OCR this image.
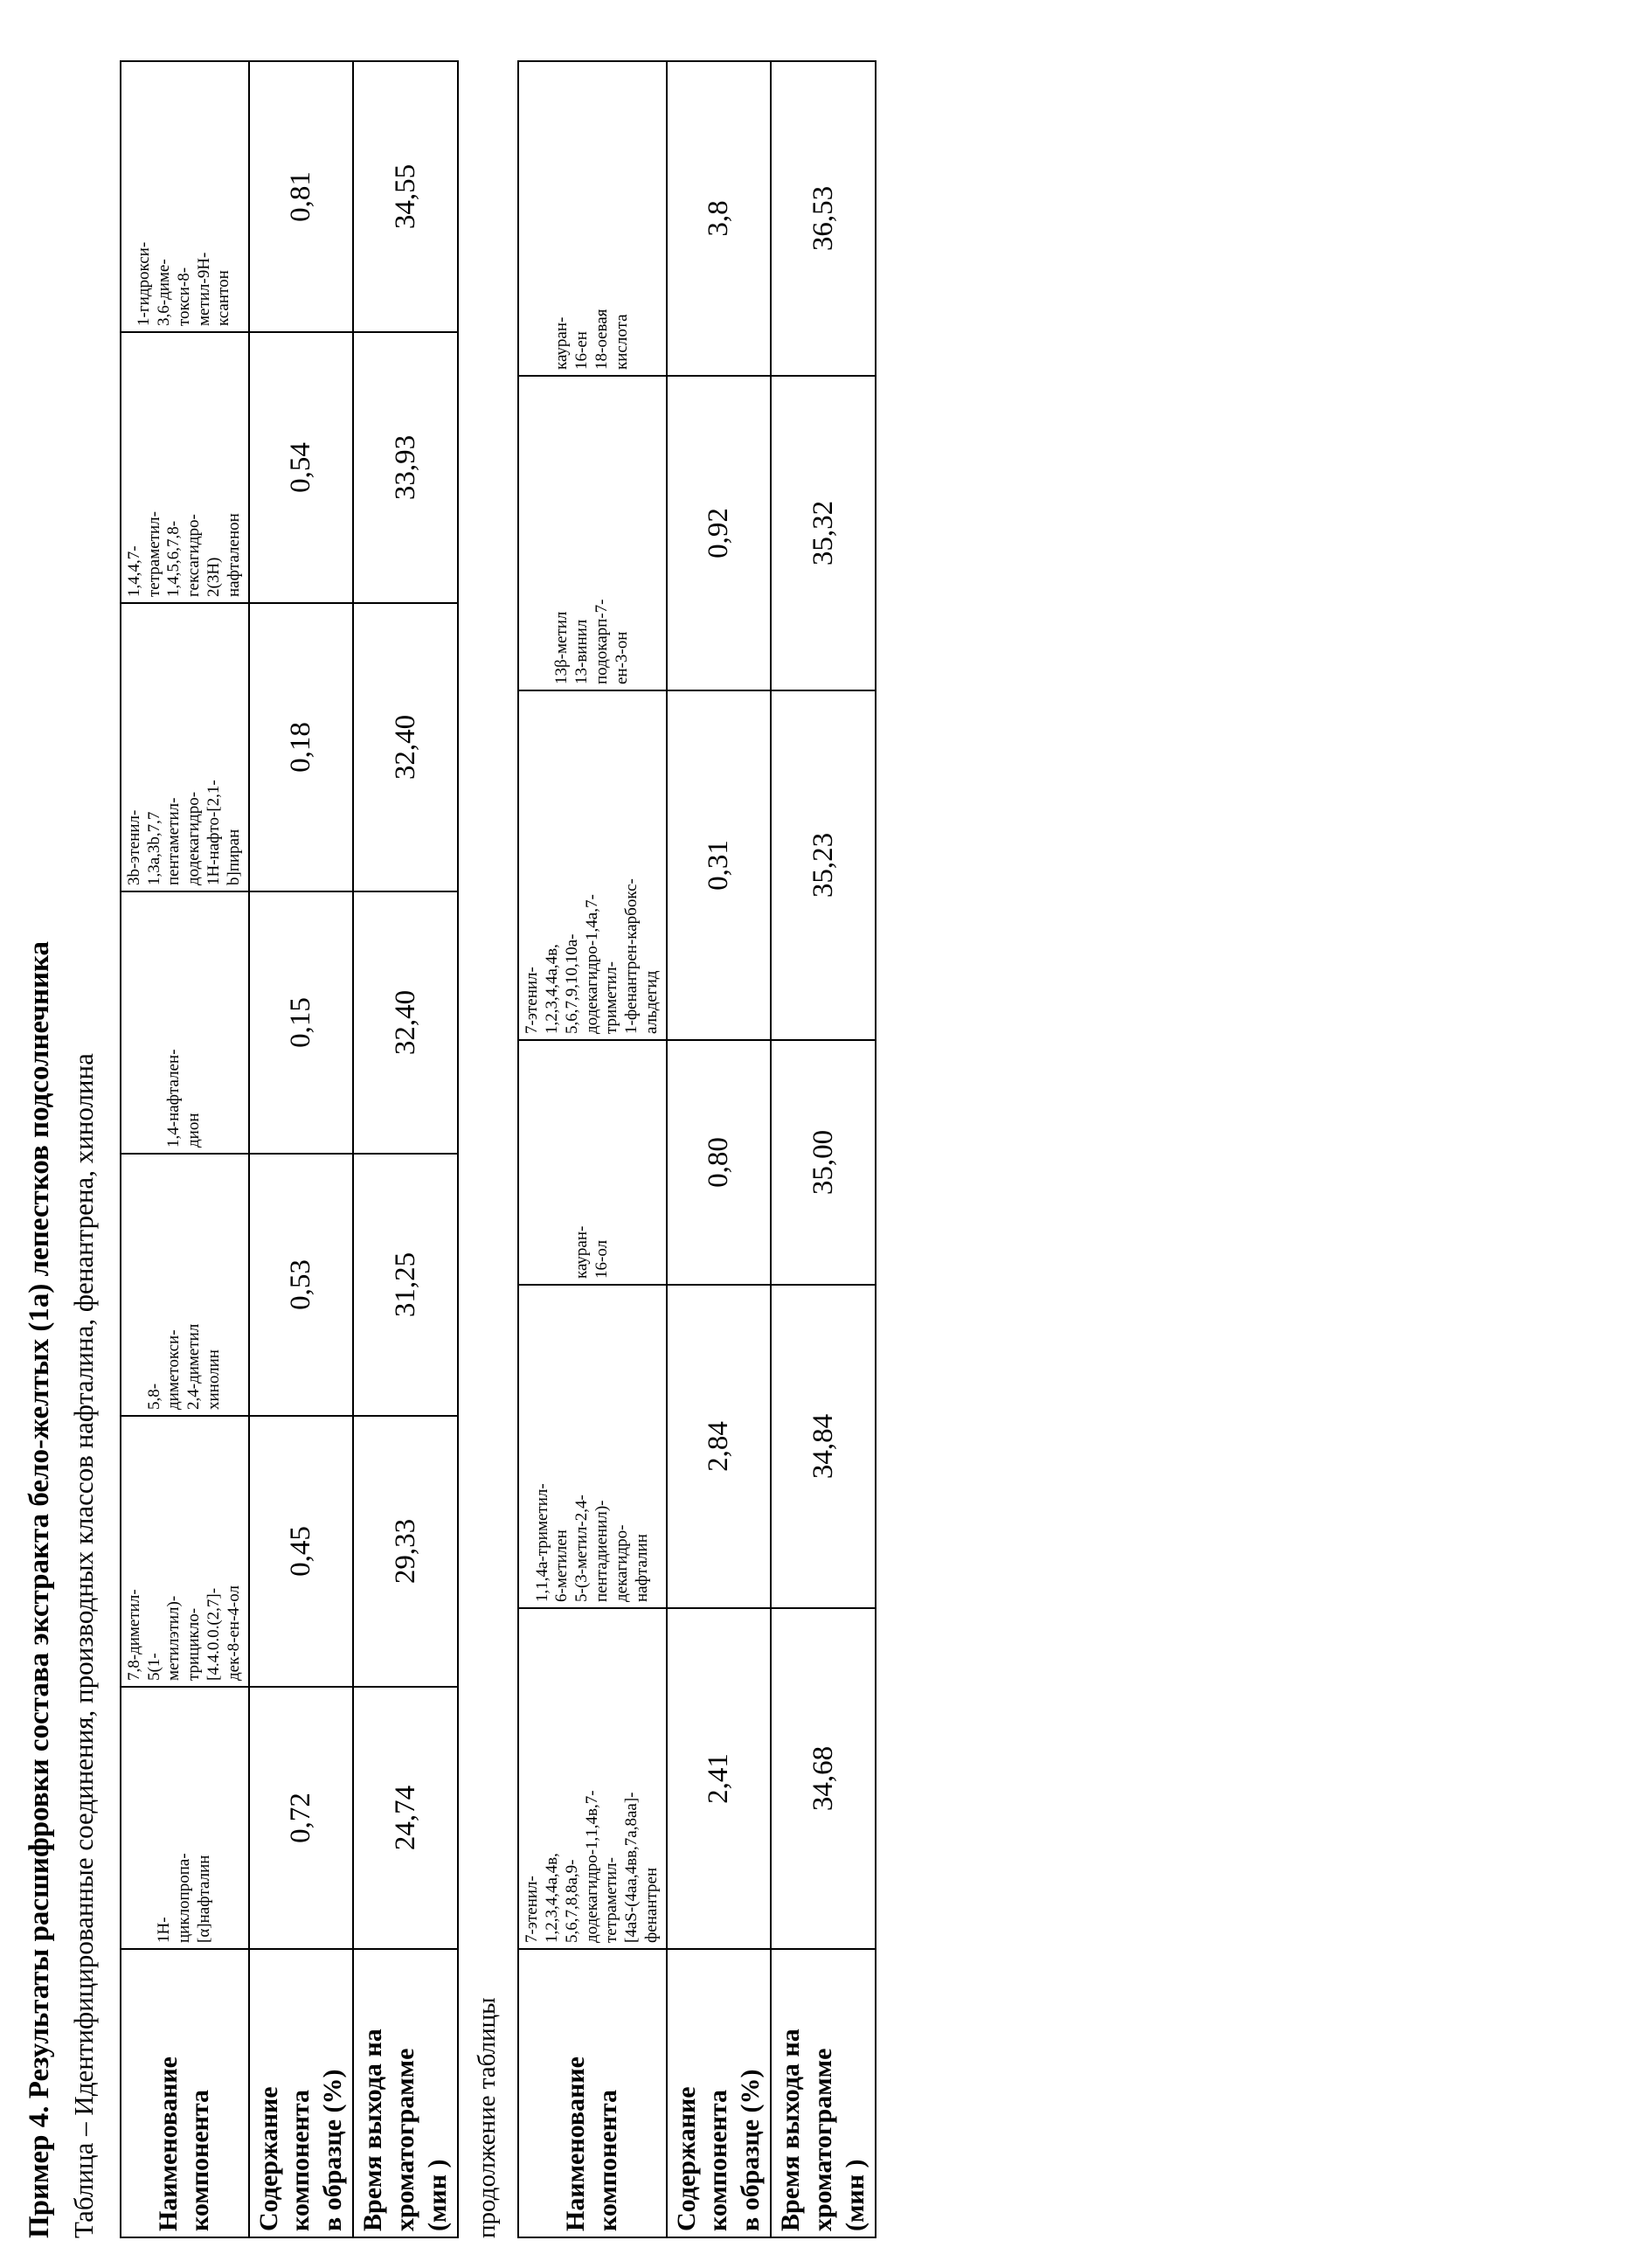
Пример 4. Результаты расшифровки состава экстракта бело-желтых (1а) лепестков подсолнечника Таблица – Идентифицированные соединения, производных классов нафталина, фенантрена, хинолина Наименование компонента	1Н-
циклопропа-
[α]нафталин	7,8-диметил-
5(1-
метилэтил)-
трицикло-
[4.4.0.0.(2,7]-
дек-8-ен-4-ол	5,8-
диметокси-
2,4-диметил
хинолин	1,4-нафтален-
дион	3b-этенил-
1,3a,3b,7,7
пентаметил-
додекагидро-
1H-нафто-[2,1-
b]пиран	1,4,4,7-
тетраметил-
1,4,5,6,7,8-
гексагидро-
2(3H)
нафталенон	1-гидрокси-
3,6-диме-
токси-8-
метил-9Н-
ксантон
Содержание компонента в образце (%)	0,72	0,45	0,53	0,15	0,18	0,54	0,81
Время выхода на хроматограмме (мин )	24,74	29,33	31,25	32,40	32,40	33,93	34,55
продолжение таблицы Наименование компонента	7-этенил-
1,2,3,4,4a,4в,
5,6,7,8,8а,9-
додекагидро-1,1,4в,7-
тетраметил-
[4aS-(4аа,4вв,7а,8аа]-
фенантрен	1,1,4а-триметил-
6-метилен
5-(3-метил-2,4-
пентадиенил)-
декагидро-
нафталин	кауран-
16-ол	7-этенил-
1,2,3,4,4a,4в,
5,6,7,9,10,10а-
додекагидро-1,4а,7-
триметил-
1-фенантрен-карбокс-
альдегид	13β-метил
13-винил
подокарп-7-
ен-3-он	кауран-
16-ен
18-оевая
кислота
Содержание компонента в образце (%)	2,41	2,84	0,80	0,31	0,92	3,8
Время выхода на хроматограмме (мин )	34,68	34,84	35,00	35,23	35,32	36,53
